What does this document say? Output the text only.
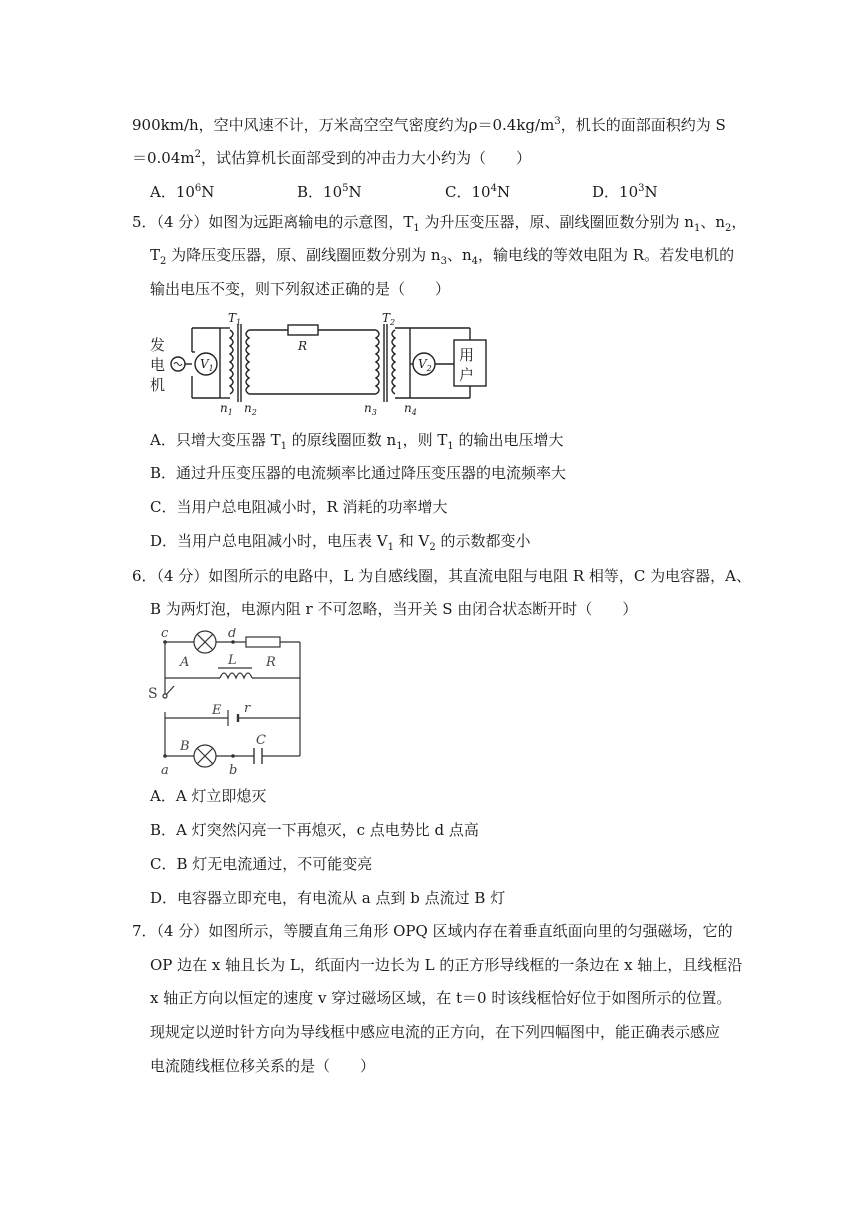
900km/h，空中风速不计，万米高空空气密度约为$\rho=0.4kg/m^3$，机长的面部面积约为 S
$=0.04m^2$，试估算机长面部受到的冲击力大小约为（　　）
A．$10^6N$	B．$10^5N$	C．$10^4N$	D．$10^3N$
5．（4 分）如图为远距离输电的示意图，$T_1$ 为升压变压器，原、副线圈匝数分别为 $n_1$、$n_2$，
$T_2$ 为降压变压器，原、副线圈匝数分别为 $n_3$、$n_4$，输电线的等效电阻为 R。若发电机的
输出电压不变，则下列叙述正确的是（　　）
发
电
机
用
户
$V_1$	$V_2$
$T_1$	$T_2$
R
$n_1$ $n_2$	$n_3$ $n_4$
A．只增大变压器 $T_1$ 的原线圈匝数 $n_1$，则 $T_1$ 的输出电压增大
B．通过升压变压器的电流频率比通过降压变压器的电流频率大
C．当用户总电阻减小时，R 消耗的功率增大
D．当用户总电阻减小时，电压表 $V_1$ 和 $V_2$ 的示数都变小
6．（4 分）如图所示的电路中，L 为自感线圈，其直流电阻与电阻 R 相等，C 为电容器，A、
B 为两灯泡，电源内阻 r 不可忽略，当开关 S 由闭合状态断开时（　　）
c	d
A	R
L
S
E r
B	C
a	b
A．A 灯立即熄灭
B．A 灯突然闪亮一下再熄灭，c 点电势比 d 点高
C．B 灯无电流通过，不可能变亮
D．电容器立即充电，有电流从 a 点到 b 点流过 B 灯
7．（4 分）如图所示，等腰直角三角形 OPQ 区域内存在着垂直纸面向里的匀强磁场，它的
OP 边在 x 轴且长为 L，纸面内一边长为 L 的正方形导线框的一条边在 x 轴上，且线框沿
x 轴正方向以恒定的速度 v 穿过磁场区域，在 t＝0 时该线框恰好位于如图所示的位置。
现规定以逆时针方向为导线框中感应电流的正方向，在下列四幅图中，能正确表示感应
电流随线框位移关系的是（　　）
